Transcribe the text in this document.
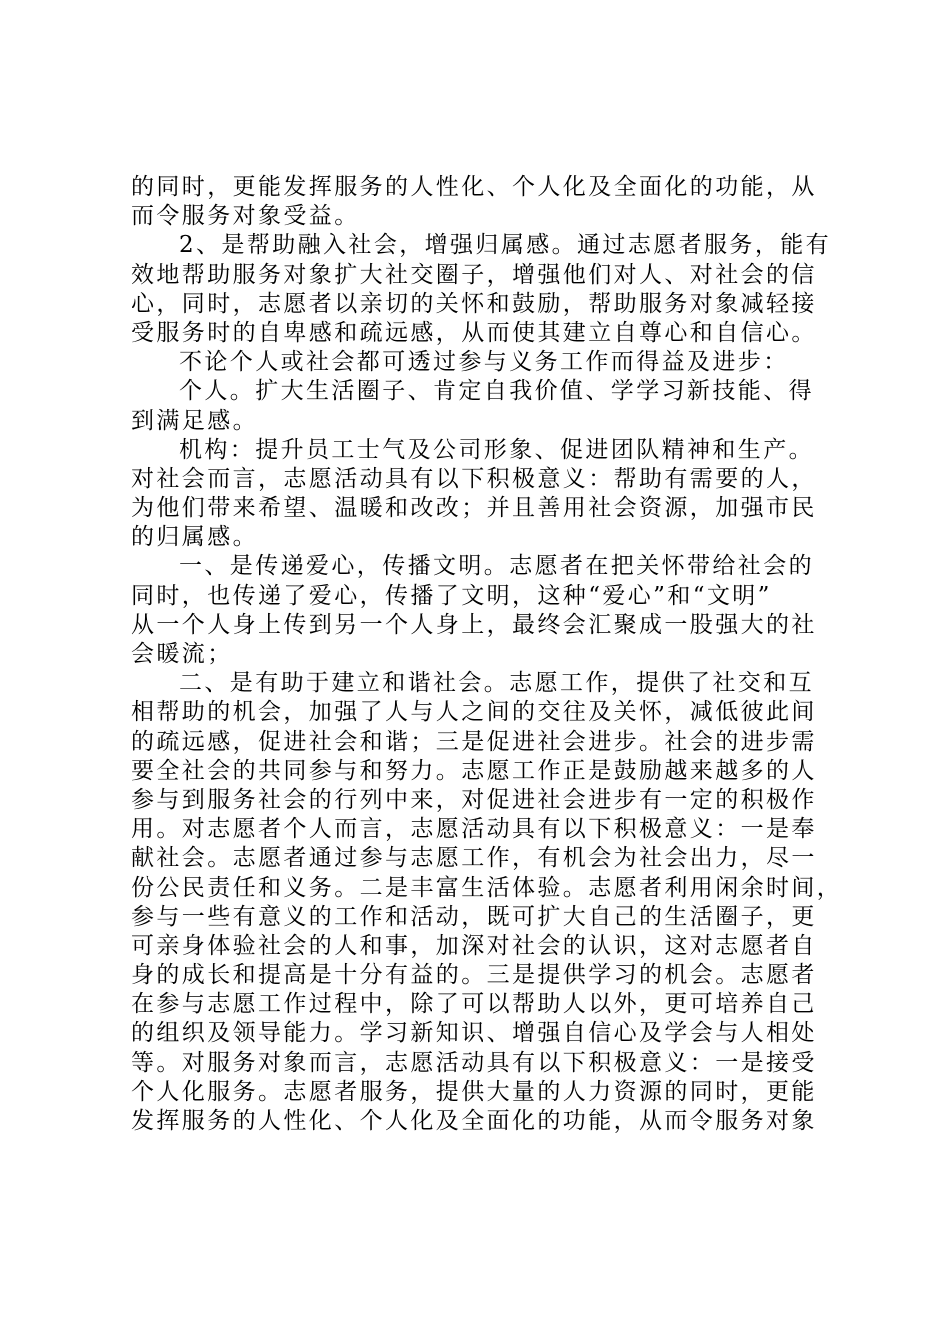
的同时，更能发挥服务的人性化、个人化及全面化的功能，从
而令服务对象受益。
2、是帮助融入社会，增强归属感。通过志愿者服务，能有
效地帮助服务对象扩大社交圈子，增强他们对人、对社会的信
心，同时，志愿者以亲切的关怀和鼓励，帮助服务对象减轻接
受服务时的自卑感和疏远感，从而使其建立自尊心和自信心。
不论个人或社会都可透过参与义务工作而得益及进步：
个人。扩大生活圈子、肯定自我价值、学学习新技能、得
到满足感。
机构：提升员工士气及公司形象、促进团队精神和生产。
对社会而言，志愿活动具有以下积极意义：帮助有需要的人，
为他们带来希望、温暖和改改；并且善用社会资源，加强市民
的归属感。
一、是传递爱心，传播文明。志愿者在把关怀带给社会的
同时，也传递了爱心，传播了文明，这种“爱心”和“文明”
从一个人身上传到另一个人身上，最终会汇聚成一股强大的社
会暖流；
二、是有助于建立和谐社会。志愿工作，提供了社交和互
相帮助的机会，加强了人与人之间的交往及关怀，减低彼此间
的疏远感，促进社会和谐；三是促进社会进步。社会的进步需
要全社会的共同参与和努力。志愿工作正是鼓励越来越多的人
参与到服务社会的行列中来，对促进社会进步有一定的积极作
用。对志愿者个人而言，志愿活动具有以下积极意义：一是奉
献社会。志愿者通过参与志愿工作，有机会为社会出力，尽一
份公民责任和义务。二是丰富生活体验。志愿者利用闲余时间，
参与一些有意义的工作和活动，既可扩大自己的生活圈子，更
可亲身体验社会的人和事，加深对社会的认识，这对志愿者自
身的成长和提高是十分有益的。三是提供学习的机会。志愿者
在参与志愿工作过程中，除了可以帮助人以外，更可培养自己
的组织及领导能力。学习新知识、增强自信心及学会与人相处
等。对服务对象而言，志愿活动具有以下积极意义：一是接受
个人化服务。志愿者服务，提供大量的人力资源的同时，更能
发挥服务的人性化、个人化及全面化的功能，从而令服务对象
